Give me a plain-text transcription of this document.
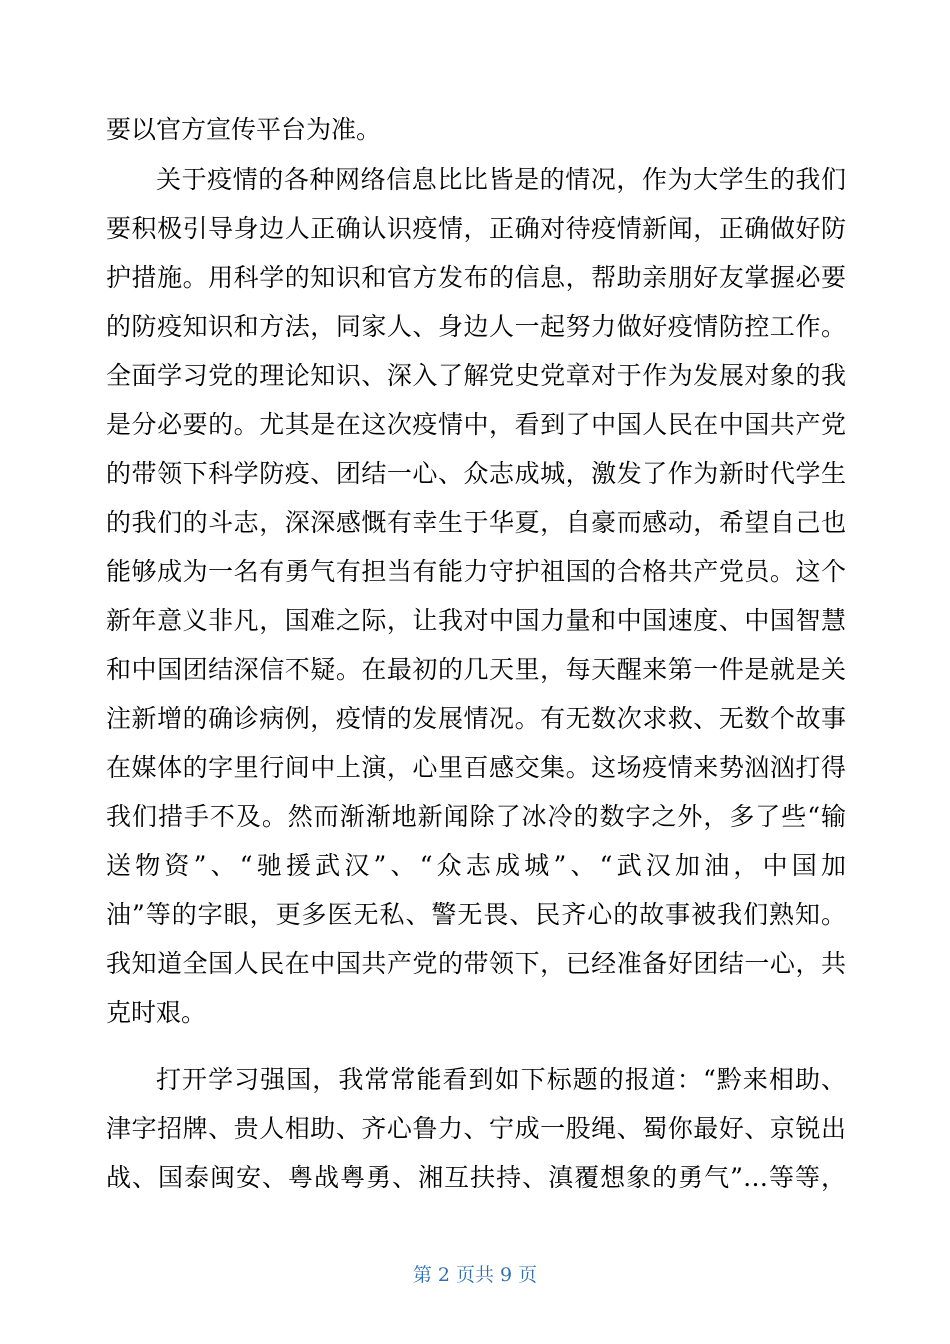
要以官方宣传平台为准。
关于疫情的各种网络信息比比皆是的情况，作为大学生的我们
要积极引导身边人正确认识疫情，正确对待疫情新闻，正确做好防
护措施。用科学的知识和官方发布的信息，帮助亲朋好友掌握必要
的防疫知识和方法，同家人、身边人一起努力做好疫情防控工作。
全面学习党的理论知识、深入了解党史党章对于作为发展对象的我
是分必要的。尤其是在这次疫情中，看到了中国人民在中国共产党
的带领下科学防疫、团结一心、众志成城，激发了作为新时代学生
的我们的斗志，深深感慨有幸生于华夏，自豪而感动，希望自己也
能够成为一名有勇气有担当有能力守护祖国的合格共产党员。这个
新年意义非凡，国难之际，让我对中国力量和中国速度、中国智慧
和中国团结深信不疑。在最初的几天里，每天醒来第一件是就是关
注新增的确诊病例，疫情的发展情况。有无数次求救、无数个故事
在媒体的字里行间中上演，心里百感交集。这场疫情来势汹汹打得
我们措手不及。然而渐渐地新闻除了冰冷的数字之外，多了些“输
送物资”、“驰援武汉”、“众志成城”、“武汉加油，中国加
油”等的字眼，更多医无私、警无畏、民齐心的故事被我们熟知。
我知道全国人民在中国共产党的带领下，已经准备好团结一心，共
克时艰。
打开学习强国，我常常能看到如下标题的报道：“黔来相助、
津字招牌、贵人相助、齐心鲁力、宁成一股绳、蜀你最好、京锐出
战、国泰闽安、粤战粤勇、湘互扶持、滇覆想象的勇气”…等等，
第 2 页共 9 页
